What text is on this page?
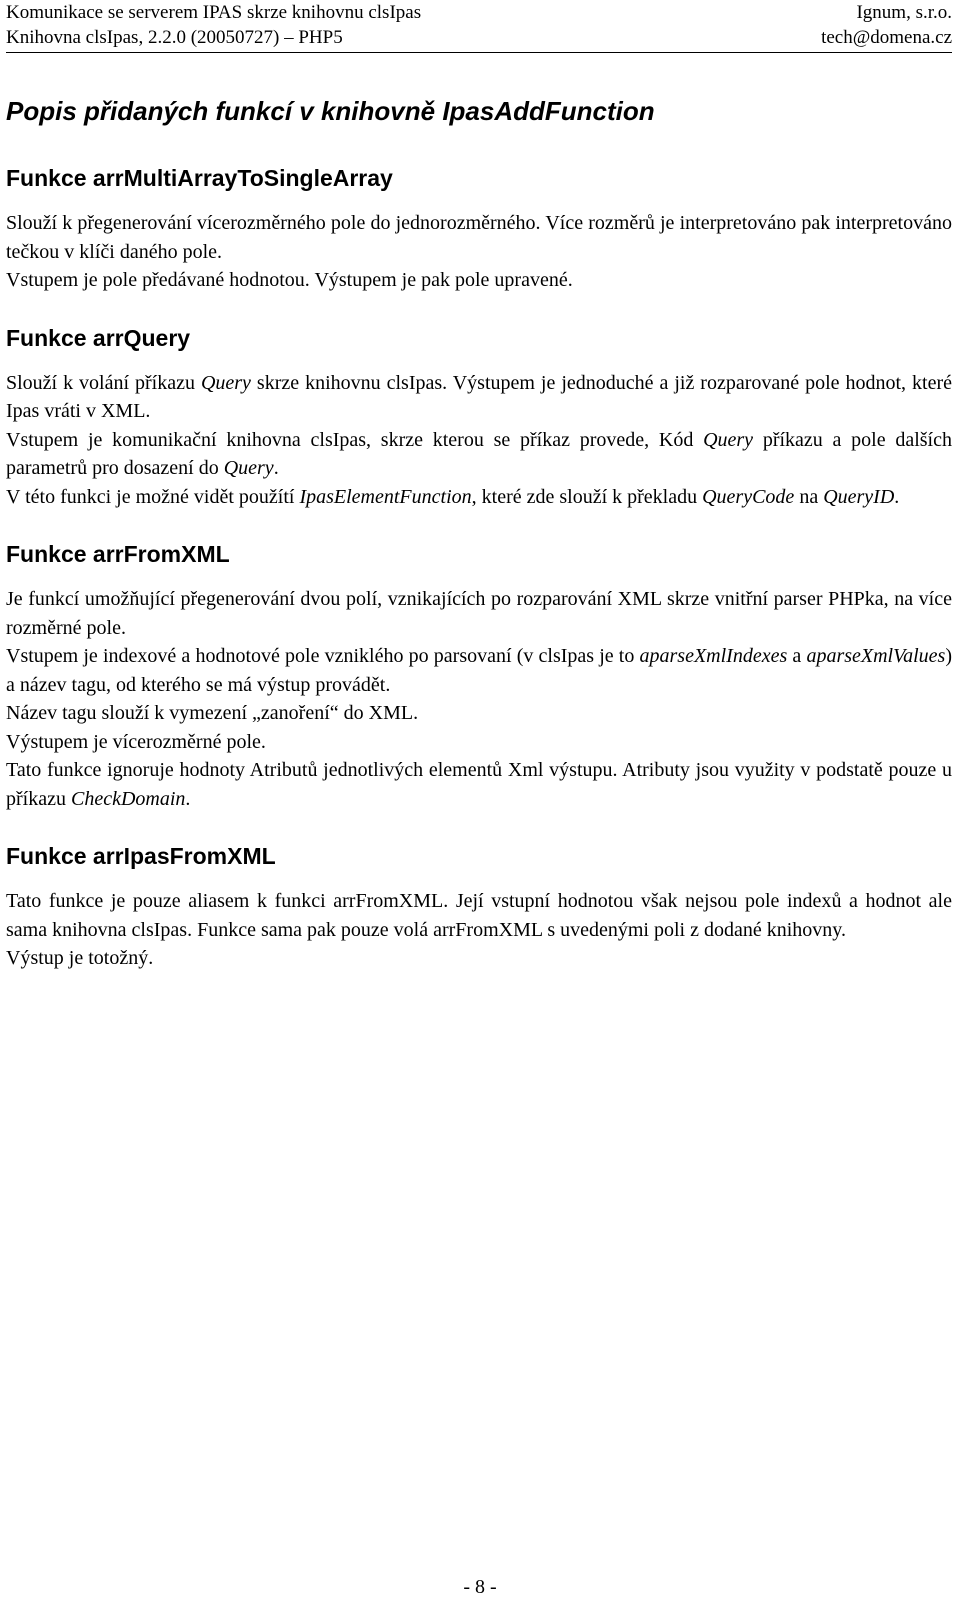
Komunikace se serverem IPAS skrze knihovnu clsIpas	Ignum, s.r.o.
Knihovna clsIpas, 2.2.0 (20050727) – PHP5	tech@domena.cz
Popis přidaných funkcí v knihovně IpasAddFunction
Funkce arrMultiArrayToSingleArray

Slouží k přegenerování vícerozměrného pole do jednorozměrného. Více rozměrů je interpretováno pak interpretováno tečkou v klíči daného pole.

Vstupem je pole předávané hodnotou. Výstupem je pak pole upravené.

Funkce arrQuery

Slouží k volání příkazu Query skrze knihovnu clsIpas. Výstupem je jednoduché a již rozparované pole hodnot, které Ipas vráti v XML.

Vstupem je komunikační knihovna clsIpas, skrze kterou se příkaz provede, Kód Query příkazu a pole dalších parametrů pro dosazení do Query.

V této funkci je možné vidět použítí IpasElementFunction, které zde slouží k překladu QueryCode na QueryID.

Funkce arrFromXML

Je funkcí umožňující přegenerování dvou polí, vznikajících po rozparování XML skrze vnitřní parser PHPka, na více rozměrné pole.

Vstupem je indexové a hodnotové pole vzniklého po parsovaní (v clsIpas je to aparseXmlIndexes a aparseXmlValues) a název tagu, od kterého se má výstup provádět.

Název tagu slouží k vymezení „zanoření“ do XML.

Výstupem je vícerozměrné pole.

Tato funkce ignoruje hodnoty Atributů jednotlivých elementů Xml výstupu. Atributy jsou využity v podstatě pouze u příkazu CheckDomain.

Funkce arrIpasFromXML

Tato funkce je pouze aliasem k funkci arrFromXML. Její vstupní hodnotou však nejsou pole indexů a hodnot ale sama knihovna clsIpas. Funkce sama pak pouze volá arrFromXML s uvedenými poli z dodané knihovny.

Výstup je totožný.

- 8 -
